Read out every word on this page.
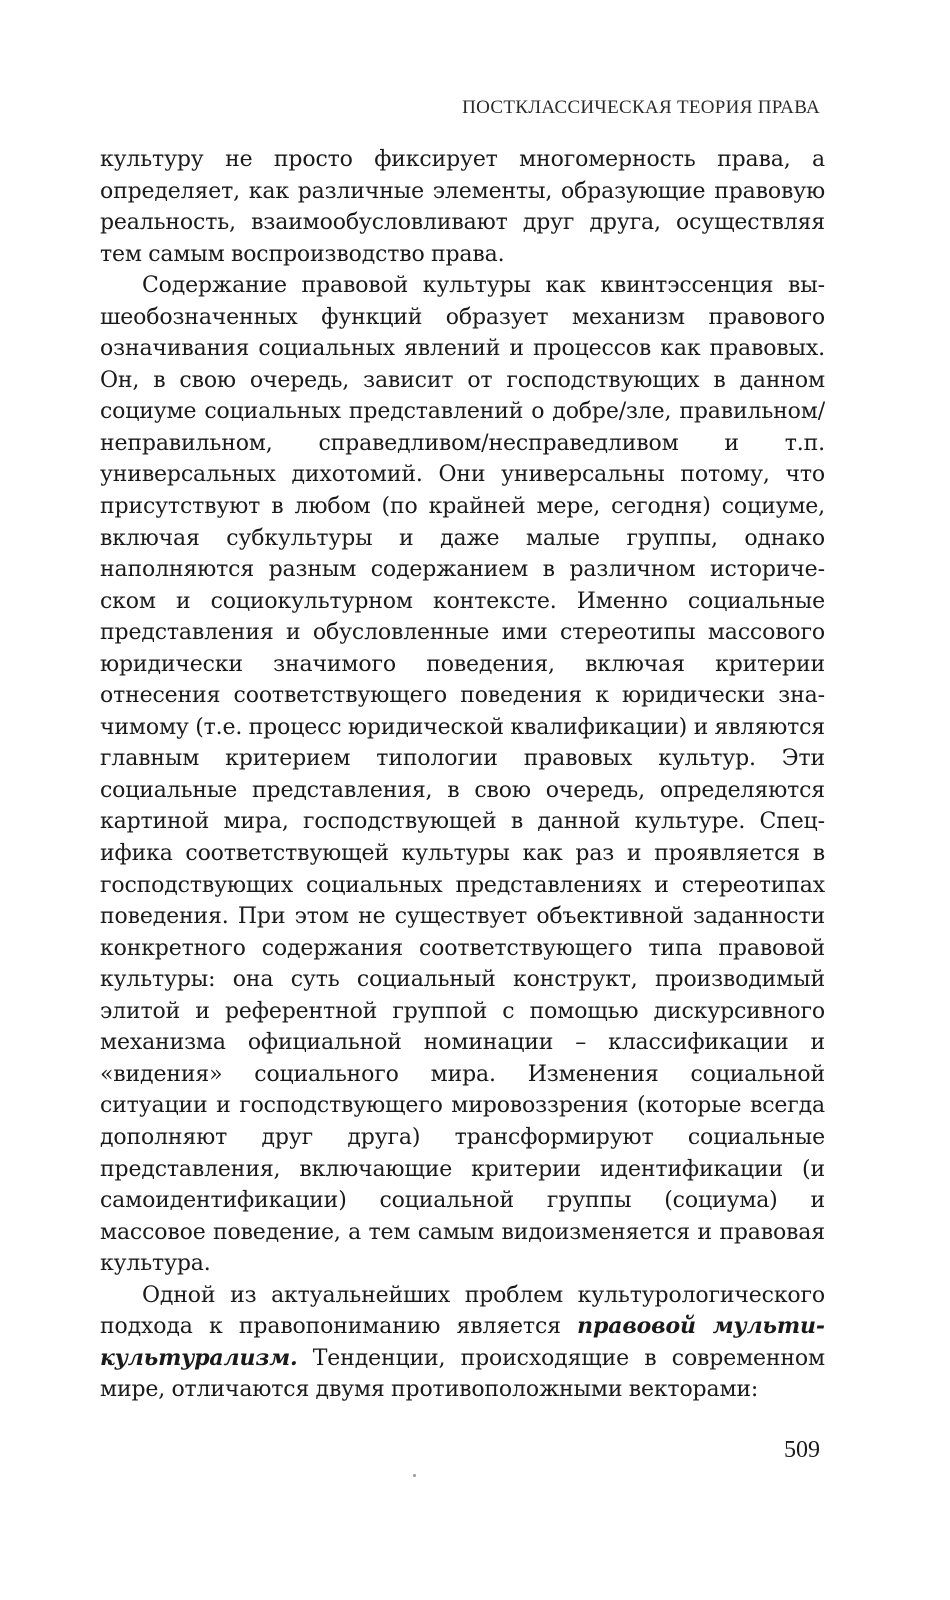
ПОСТКЛАССИЧЕСКАЯ ТЕОРИЯ ПРАВА

культуру не просто фиксирует многомерность права, а определяет, как различные элементы, образующие правовую реальность, взаимообусловливают друг друга, осуществляя тем самым воспроизводство права.

Содержание правовой культуры как квинтэссенция вышеобозначенных функций образует механизм правового означивания социальных явлений и процессов как правовых. Он, в свою очередь, зависит от господствующих в данном социуме социальных представлений о добре/зле, правильном/неправильном, справедливом/несправедливом и т.п. универсальных дихотомий. Они универсальны потому, что присутствуют в любом (по крайней мере, сегодня) социуме, включая субкультуры и даже малые группы, однако наполняются разным содержанием в различном историческом и социокультурном контексте. Именно социальные представления и обусловленные ими стереотипы массового юридически значимого поведения, включая критерии отнесения соответствующего поведения к юридически значимому (т.е. процесс юридической квалификации) и являются главным критерием типологии правовых культур. Эти социальные представления, в свою очередь, определяются картиной мира, господствующей в данной культуре. Специфика соответствующей культуры как раз и проявляется в господствующих социальных представлениях и стереотипах поведения. При этом не существует объективной заданности конкретного содержания соответствующего типа правовой культуры: она суть социальный конструкт, производимый элитой и референтной группой с помощью дискурсивного механизма официальной номинации – классификации и «видения» социального мира. Изменения социальной ситуации и господствующего мировоззрения (которые всегда дополняют друг друга) трансформируют социальные представления, включающие критерии идентификации (и самоидентификации) социальной группы (социума) и массовое поведение, а тем самым видоизменяется и правовая культура.

Одной из актуальнейших проблем культурологического подхода к правопониманию является правовой мультикультурализм. Тенденции, происходящие в современном мире, отличаются двумя противоположными векторами:

509
